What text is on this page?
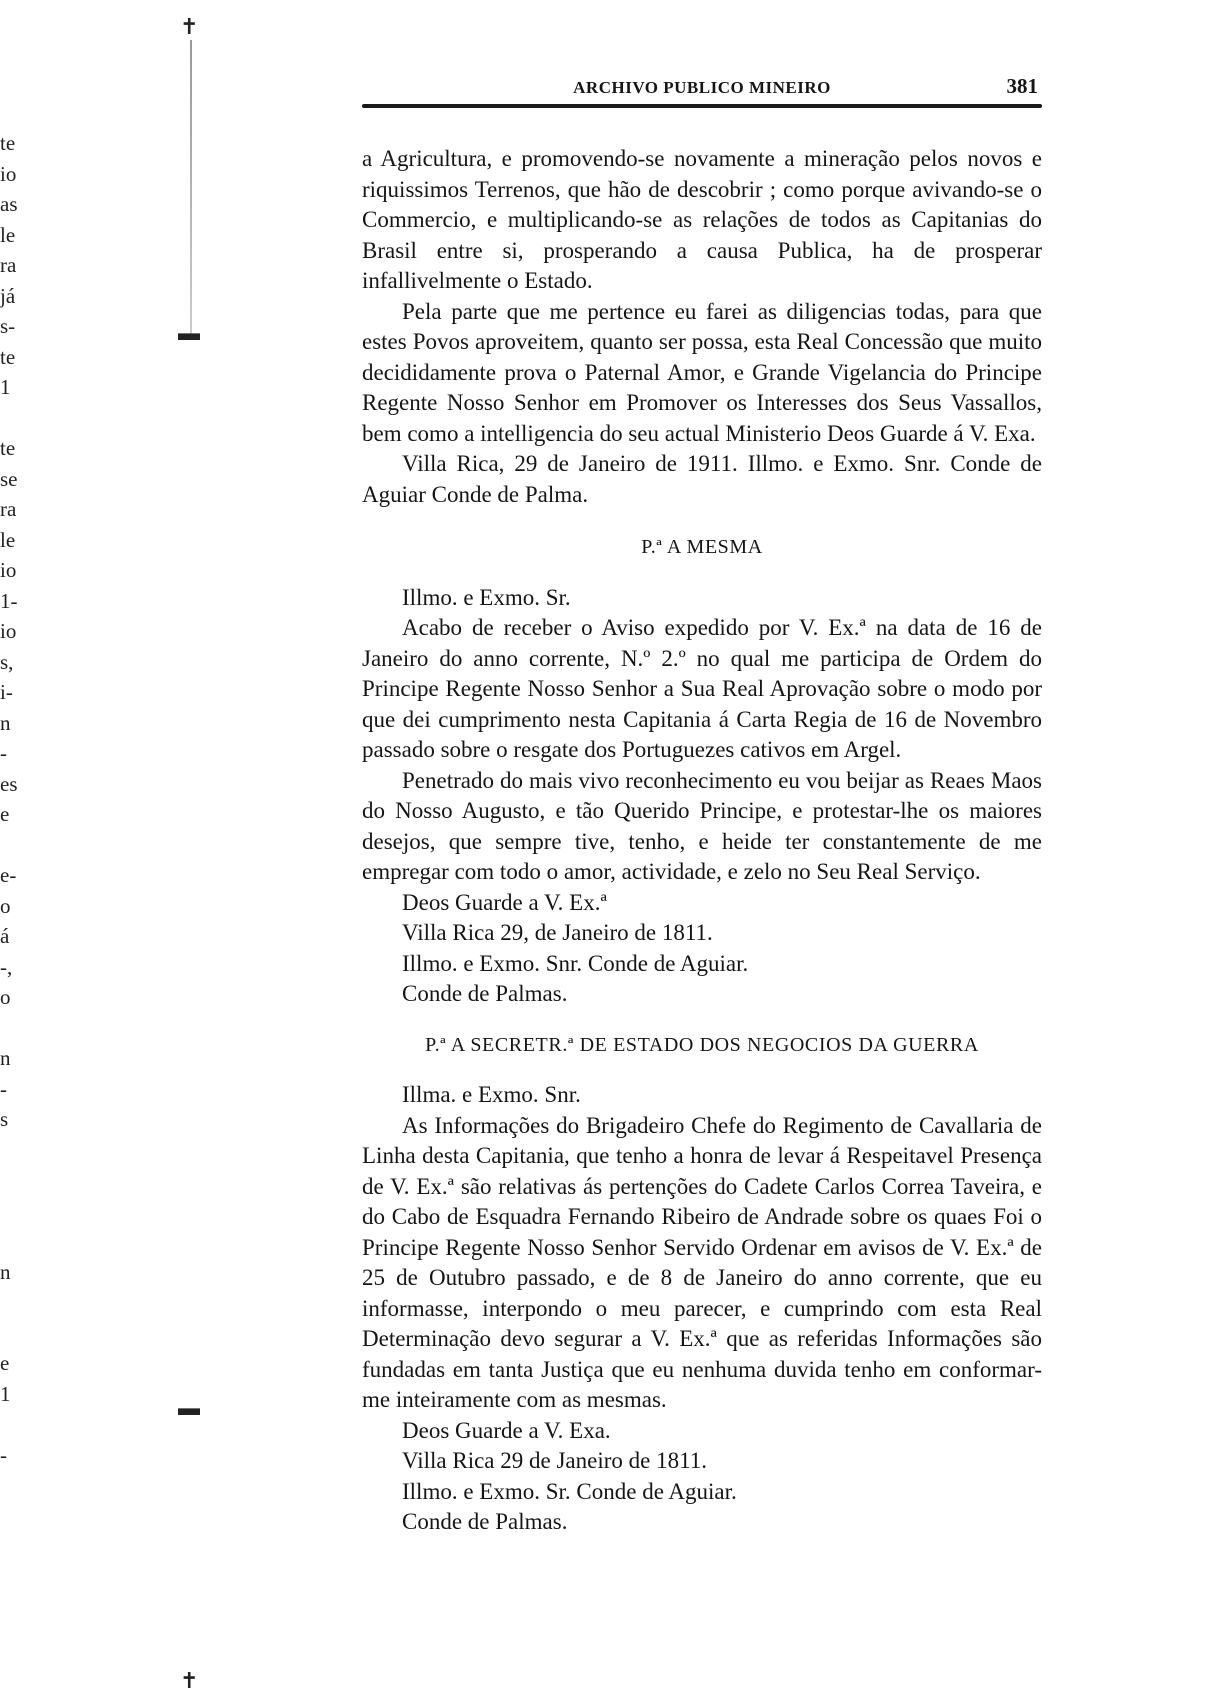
te
io
as
le
ra
já
s-
te
1
te
se
ra
le
io
1-
io
s,
i-
n
-
es
e
e-
o
á
-,
o
n
-
s
n
e
1
-
✝
▬
▬
✝
ARCHIVO PUBLICO MINEIRO	381

a Agricultura, e promovendo-se novamente a mineração pelos novos e riquissimos Terrenos, que hão de descobrir ; como porque avivando-se o Commercio, e multiplicando-se as relações de todos as Capitanias do Brasil entre si, prosperando a causa Publica, ha de prosperar infallivelmente o Estado.

Pela parte que me pertence eu farei as diligencias todas, para que estes Povos aproveitem, quanto ser possa, esta Real Concessão que muito decididamente prova o Paternal Amor, e Grande Vigelancia do Principe Regente Nosso Senhor em Promover os Interesses dos Seus Vassallos, bem como a intelligencia do seu actual Ministerio Deos Guarde á V. Exa.

Villa Rica, 29 de Janeiro de 1911. Illmo. e Exmo. Snr. Conde de Aguiar Conde de Palma.

P.ª A MESMA

Illmo. e Exmo. Sr.

Acabo de receber o Aviso expedido por V. Ex.ª na data de 16 de Janeiro do anno corrente, N.º 2.º no qual me participa de Ordem do Principe Regente Nosso Senhor a Sua Real Aprovação sobre o modo por que dei cumprimento nesta Capitania á Carta Regia de 16 de Novembro passado sobre o resgate dos Portuguezes cativos em Argel.

Penetrado do mais vivo reconhecimento eu vou beijar as Reaes Maos do Nosso Augusto, e tão Querido Principe, e protestar-lhe os maiores desejos, que sempre tive, tenho, e heide ter constantemente de me empregar com todo o amor, actividade, e zelo no Seu Real Serviço.

Deos Guarde a V. Ex.ª

Villa Rica 29, de Janeiro de 1811.

Illmo. e Exmo. Snr. Conde de Aguiar.

Conde de Palmas.

P.ª A SECRETR.ª DE ESTADO DOS NEGOCIOS DA GUERRA

Illma. e Exmo. Snr.

As Informações do Brigadeiro Chefe do Regimento de Cavallaria de Linha desta Capitania, que tenho a honra de levar á Respeitavel Presença de V. Ex.ª são relativas ás pertenções do Cadete Carlos Correa Taveira, e do Cabo de Esquadra Fernando Ribeiro de Andrade sobre os quaes Foi o Principe Regente Nosso Senhor Servido Ordenar em avisos de V. Ex.ª de 25 de Outubro passado, e de 8 de Janeiro do anno corrente, que eu informasse, interpondo o meu parecer, e cumprindo com esta Real Determinação devo segurar a V. Ex.ª que as referidas Informações são fundadas em tanta Justiça que eu nenhuma duvida tenho em conformar-me inteiramente com as mesmas.

Deos Guarde a V. Exa.

Villa Rica 29 de Janeiro de 1811.

Illmo. e Exmo. Sr. Conde de Aguiar.

Conde de Palmas.
